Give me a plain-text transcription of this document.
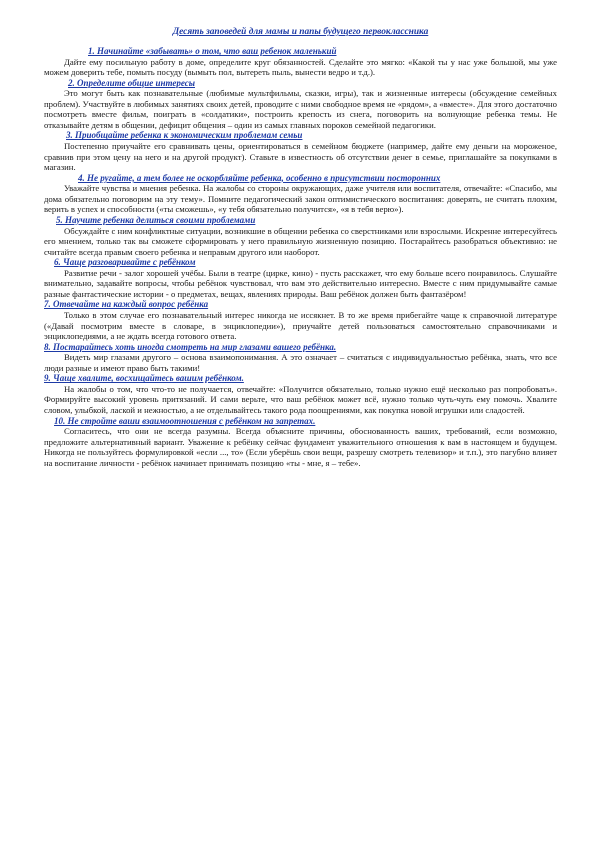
Десять заповедей для мамы и папы будущего первоклассника

1. Начинайте «забывать» о том, что ваш ребенок маленький

Дайте ему посильную работу в доме, определите круг обязанностей. Сделайте это мягко: «Какой ты у нас уже большой, мы уже можем доверить тебе, помыть посуду (вымыть пол, вытереть пыль, вынести ведро и т.д.).

2. Определите общие интересы

Это могут быть как познавательные (любимые мультфильмы, сказки, игры), так и жизненные интересы (обсуждение семейных проблем). Участвуйте в любимых занятиях своих детей, проводите с ними свободное время не «рядом», а «вместе». Для этого достаточно посмотреть вместе фильм, поиграть в «солдатики», построить крепость из снега, поговорить на волнующие ребенка темы. Не отказывайте детям в общении, дефицит общения – один из самых главных пороков семейной педагогики.

3. Приобщайте ребенка к экономическим проблемам семьи

Постепенно приучайте его сравнивать цены, ориентироваться в семейном бюджете (например, дайте ему деньги на мороженое, сравнив при этом цену на него и на другой продукт). Ставьте в известность об отсутствии денег в семье, приглашайте за покупками в магазин.

4. Не ругайте, а тем более не оскорбляйте ребенка, особенно в присутствии посторонних

Уважайте чувства и мнения ребенка. На жалобы со стороны окружающих, даже учителя или воспитателя, отвечайте: «Спасибо, мы дома обязательно поговорим на эту тему». Помните педагогический закон оптимистического воспитания: доверять, не считать плохим, верить в успех и способности («ты сможешь», «у тебя обязательно получится», «я в тебя верю»).

5. Научите ребенка делиться своими проблемами

Обсуждайте с ним конфликтные ситуации, возникшие в общении ребенка со сверстниками или взрослыми. Искренне интересуйтесь его мнением, только так вы сможете сформировать у него правильную жизненную позицию. Постарайтесь разобраться объективно: не считайте всегда правым своего ребенка и неправым другого или наоборот.

6. Чаще разговаривайте с ребёнком

Развитие речи - залог хорошей учёбы. Были в театре (цирке, кино) - пусть расскажет, что ему больше всего понравилось. Слушайте внимательно, задавайте вопросы, чтобы ребёнок чувствовал, что вам это действительно интересно. Вместе с ним придумывайте самые разные фантастические истории - о предметах, вещах, явлениях природы. Ваш ребёнок должен быть фантазёром!

7. Отвечайте на каждый вопрос ребёнка

Только в этом случае его познавательный интерес никогда не иссякнет. В то же время прибегайте чаще к справочной литературе («Давай посмотрим вместе в словаре, в энциклопедии»), приучайте детей пользоваться самостоятельно справочниками и энциклопедиями, а не ждать всегда готового ответа.

8. Постарайтесь хоть иногда смотреть на мир глазами вашего ребёнка.

Видеть мир глазами другого – основа взаимопонимания. А это означает – считаться с индивидуальностью ребёнка, знать, что все люди разные и имеют право быть такими!

9. Чаще хвалите, восхищайтесь вашим ребёнком.

На жалобы о том, что что-то не получается, отвечайте: «Получится обязательно, только нужно ещё несколько раз попробовать». Формируйте высокий уровень притязаний. И сами верьте, что ваш ребёнок может всё, нужно только чуть-чуть ему помочь. Хвалите словом, улыбкой, лаской и нежностью, а не отделывайтесь такого рода поощрениями, как покупка новой игрушки или сладостей.

10. Не стройте ваши взаимоотношения с ребёнком на запретах.

Согласитесь, что они не всегда разумны. Всегда объясните причины, обоснованность ваших, требований, если возможно, предложите альтернативный вариант. Уважение к ребёнку сейчас фундамент уважительного отношения к вам в настоящем и будущем. Никогда не пользуйтесь формулировкой «если ..., то» (Если уберёшь свои вещи, разрешу смотреть телевизор» и т.п.), это пагубно влияет на воспитание личности - ребёнок начинает принимать позицию «ты - мне, я – тебе».
